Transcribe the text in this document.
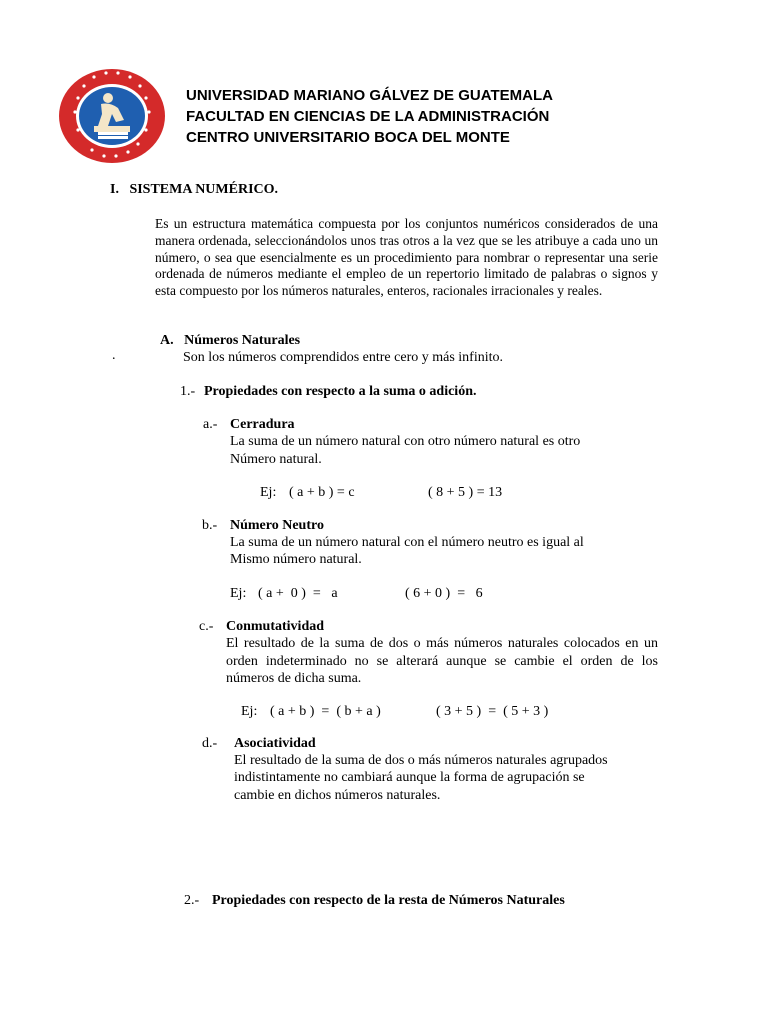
UNIVERSIDAD MARIANO GÁLVEZ DE GUATEMALA
FACULTAD EN CIENCIAS DE LA ADMINISTRACIÓN
CENTRO UNIVERSITARIO BOCA DEL MONTE
I.   SISTEMA NUMÉRICO.
Es un estructura matemática compuesta por los conjuntos numéricos considerados de una manera ordenada, seleccionándolos unos tras otros a la vez que se les atribuye a cada uno un número, o sea que esencialmente es un procedimiento para nombrar o representar una serie ordenada de números mediante el empleo de un repertorio limitado de palabras o signos y esta compuesto por los números naturales, enteros, racionales irracionales y reales.
A.   Números Naturales
.	Son los números comprendidos entre cero y más infinito.
1.- Propiedades con respecto a la suma o adición.
a.- Cerradura
La suma de un número natural con otro número natural es otro
Número natural.
Ej: ( a + b ) = c	( 8 + 5 ) = 13
b.- Número Neutro
La suma de un número natural con el número neutro es igual al
Mismo número natural.
Ej: ( a +  0 )  =   a	( 6 + 0 )  =   6
c.- Conmutatividad
El resultado de la suma de dos o más números naturales colocados en un orden indeterminado no se alterará aunque se cambie el orden de los números de dicha suma.
Ej: ( a + b )  =  ( b + a )	( 3 + 5 )  =  ( 5 + 3 )
d.- Asociatividad
El resultado de la suma de dos o más números naturales agrupados
indistintamente no cambiará aunque la forma de agrupación se
cambie en dichos números naturales.
2.- Propiedades con respecto de la resta de Números Naturales
